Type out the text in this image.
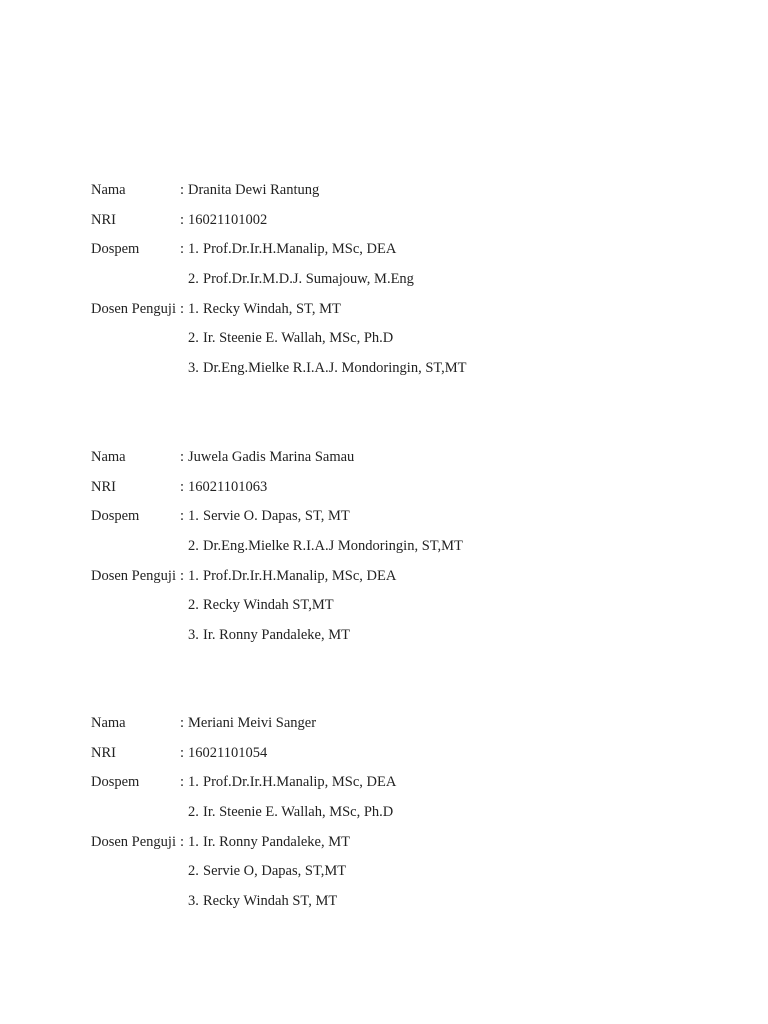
Nama	: Dranita Dewi Rantung
NRI	: 16021101002
Dospem	: 1. Prof.Dr.Ir.H.Manalip, MSc, DEA
2. Prof.Dr.Ir.M.D.J. Sumajouw, M.Eng
Dosen Penguji : 1. Recky Windah, ST, MT
2. Ir. Steenie E. Wallah, MSc, Ph.D
3. Dr.Eng.Mielke R.I.A.J. Mondoringin, ST,MT
Nama	: Juwela Gadis Marina Samau
NRI	: 16021101063
Dospem	: 1. Servie O. Dapas, ST, MT
2. Dr.Eng.Mielke R.I.A.J Mondoringin, ST,MT
Dosen Penguji : 1. Prof.Dr.Ir.H.Manalip, MSc, DEA
2. Recky Windah ST,MT
3. Ir. Ronny Pandaleke, MT
Nama	: Meriani Meivi Sanger
NRI	: 16021101054
Dospem	: 1. Prof.Dr.Ir.H.Manalip, MSc, DEA
2. Ir. Steenie E. Wallah, MSc, Ph.D
Dosen Penguji : 1. Ir. Ronny Pandaleke, MT
2. Servie O, Dapas, ST,MT
3. Recky Windah ST, MT
